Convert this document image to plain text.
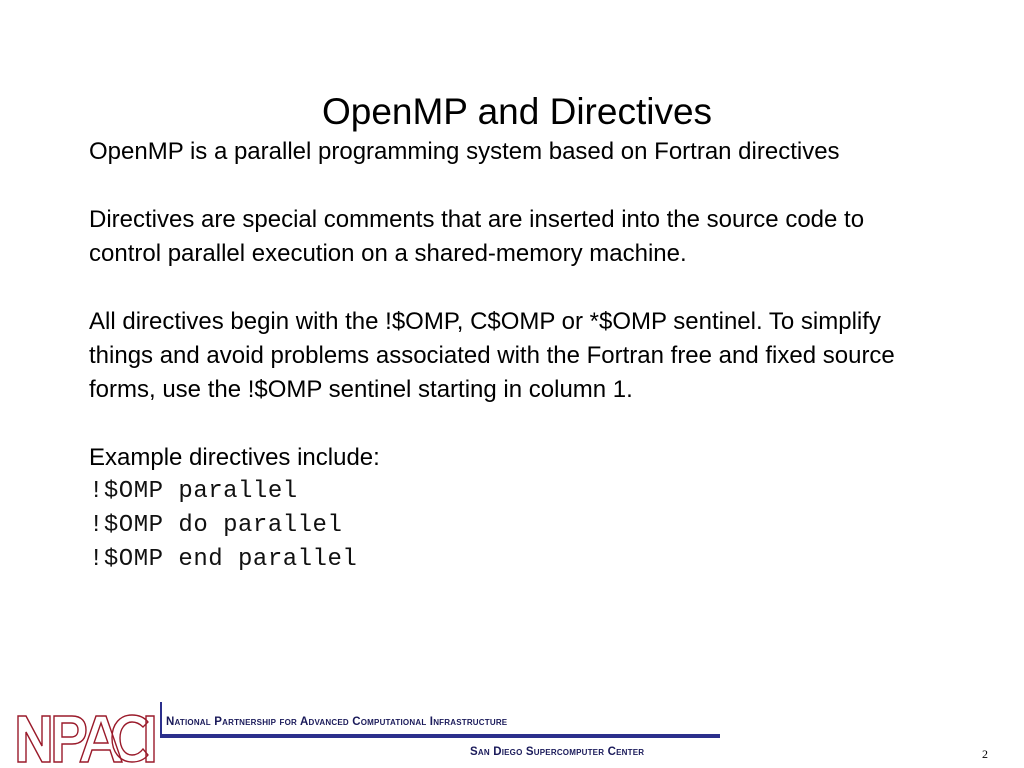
OpenMP and Directives

OpenMP is a parallel programming system based on Fortran directives

Directives are special comments that are inserted into the source code to control parallel execution on a shared-memory machine.

All directives begin with the !$OMP, C$OMP or *$OMP sentinel. To simplify things and avoid problems associated with the Fortran free and fixed source forms, use the !$OMP sentinel starting in column 1.

Example directives include:

!$OMP parallel
!$OMP do parallel
!$OMP end parallel
National Partnership for Advanced Computational Infrastructure
San Diego Supercomputer Center	2
